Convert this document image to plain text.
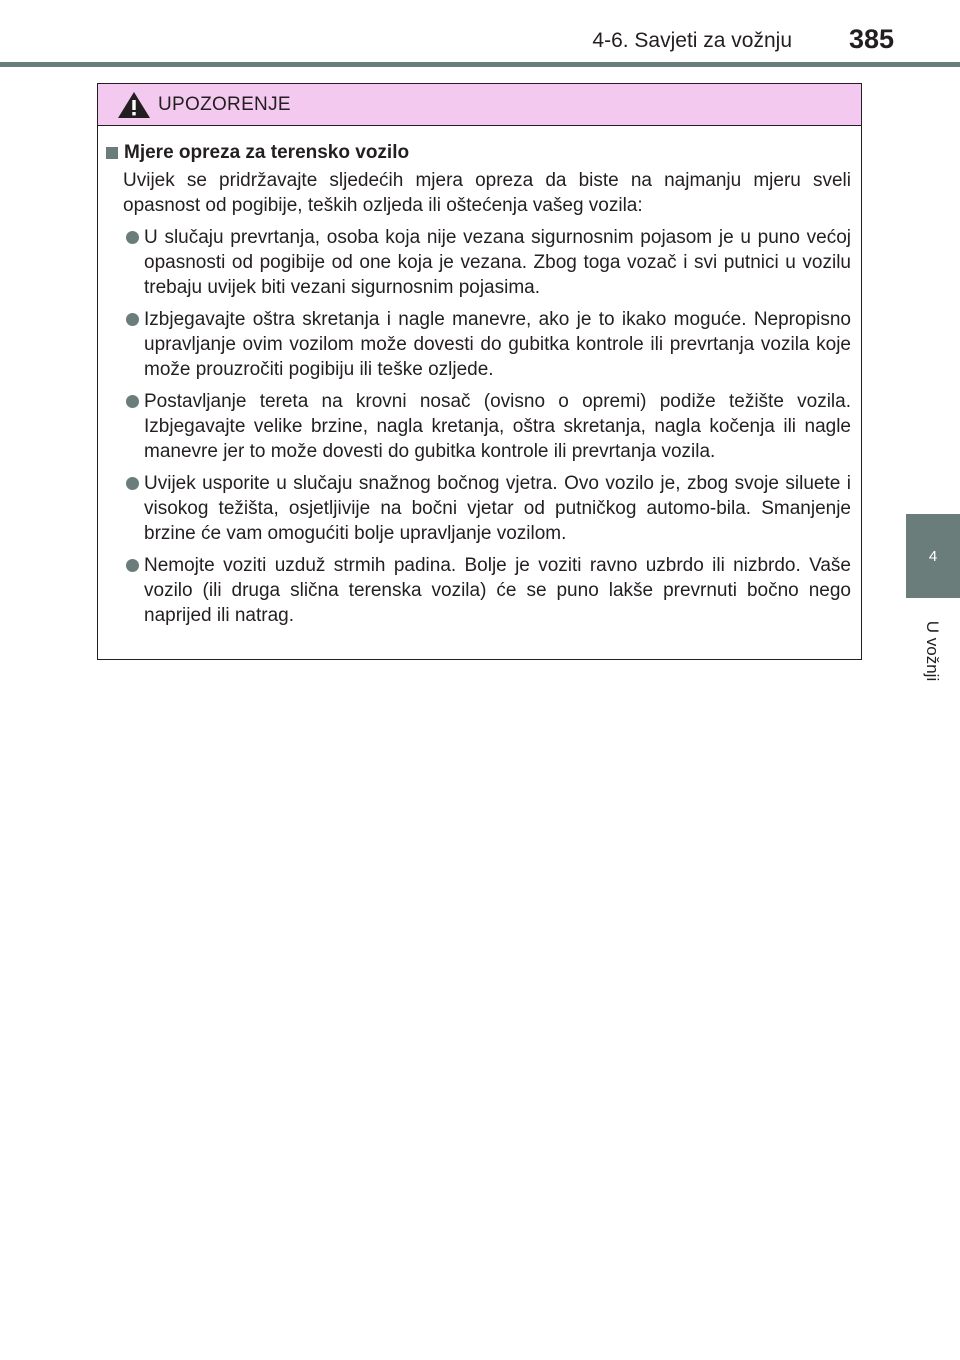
4-6. Savjeti za vožnju 385
4
U vožnji
UPOZORENJE
Mjere opreza za terensko vozilo
Uvijek se pridržavajte sljedećih mjera opreza da biste na najmanju mjeru sveli opasnost od pogibije, teških ozljeda ili oštećenja vašeg vozila:
U slučaju prevrtanja, osoba koja nije vezana sigurnosnim pojasom je u puno većoj opasnosti od pogibije od one koja je vezana. Zbog toga vozač i svi putnici u vozilu trebaju uvijek biti vezani sigurnosnim pojasima.
Izbjegavajte oštra skretanja i nagle manevre, ako je to ikako moguće. Nepropisno upravljanje ovim vozilom može dovesti do gubitka kontrole ili prevrtanja vozila koje može prouzročiti pogibiju ili teške ozljede.
Postavljanje tereta na krovni nosač (ovisno o opremi) podiže težište vozila. Izbjegavajte velike brzine, nagla kretanja, oštra skretanja, nagla kočenja ili nagle manevre jer to može dovesti do gubitka kontrole ili prevrtanja vozila.
Uvijek usporite u slučaju snažnog bočnog vjetra. Ovo vozilo je, zbog svoje siluete i visokog težišta, osjetljivije na bočni vjetar od putničkog automo-bila. Smanjenje brzine će vam omogućiti bolje upravljanje vozilom.
Nemojte voziti uzduž strmih padina. Bolje je voziti ravno uzbrdo ili nizbrdo. Vaše vozilo (ili druga slična terenska vozila) će se puno lakše prevrnuti bočno nego naprijed ili natrag.
